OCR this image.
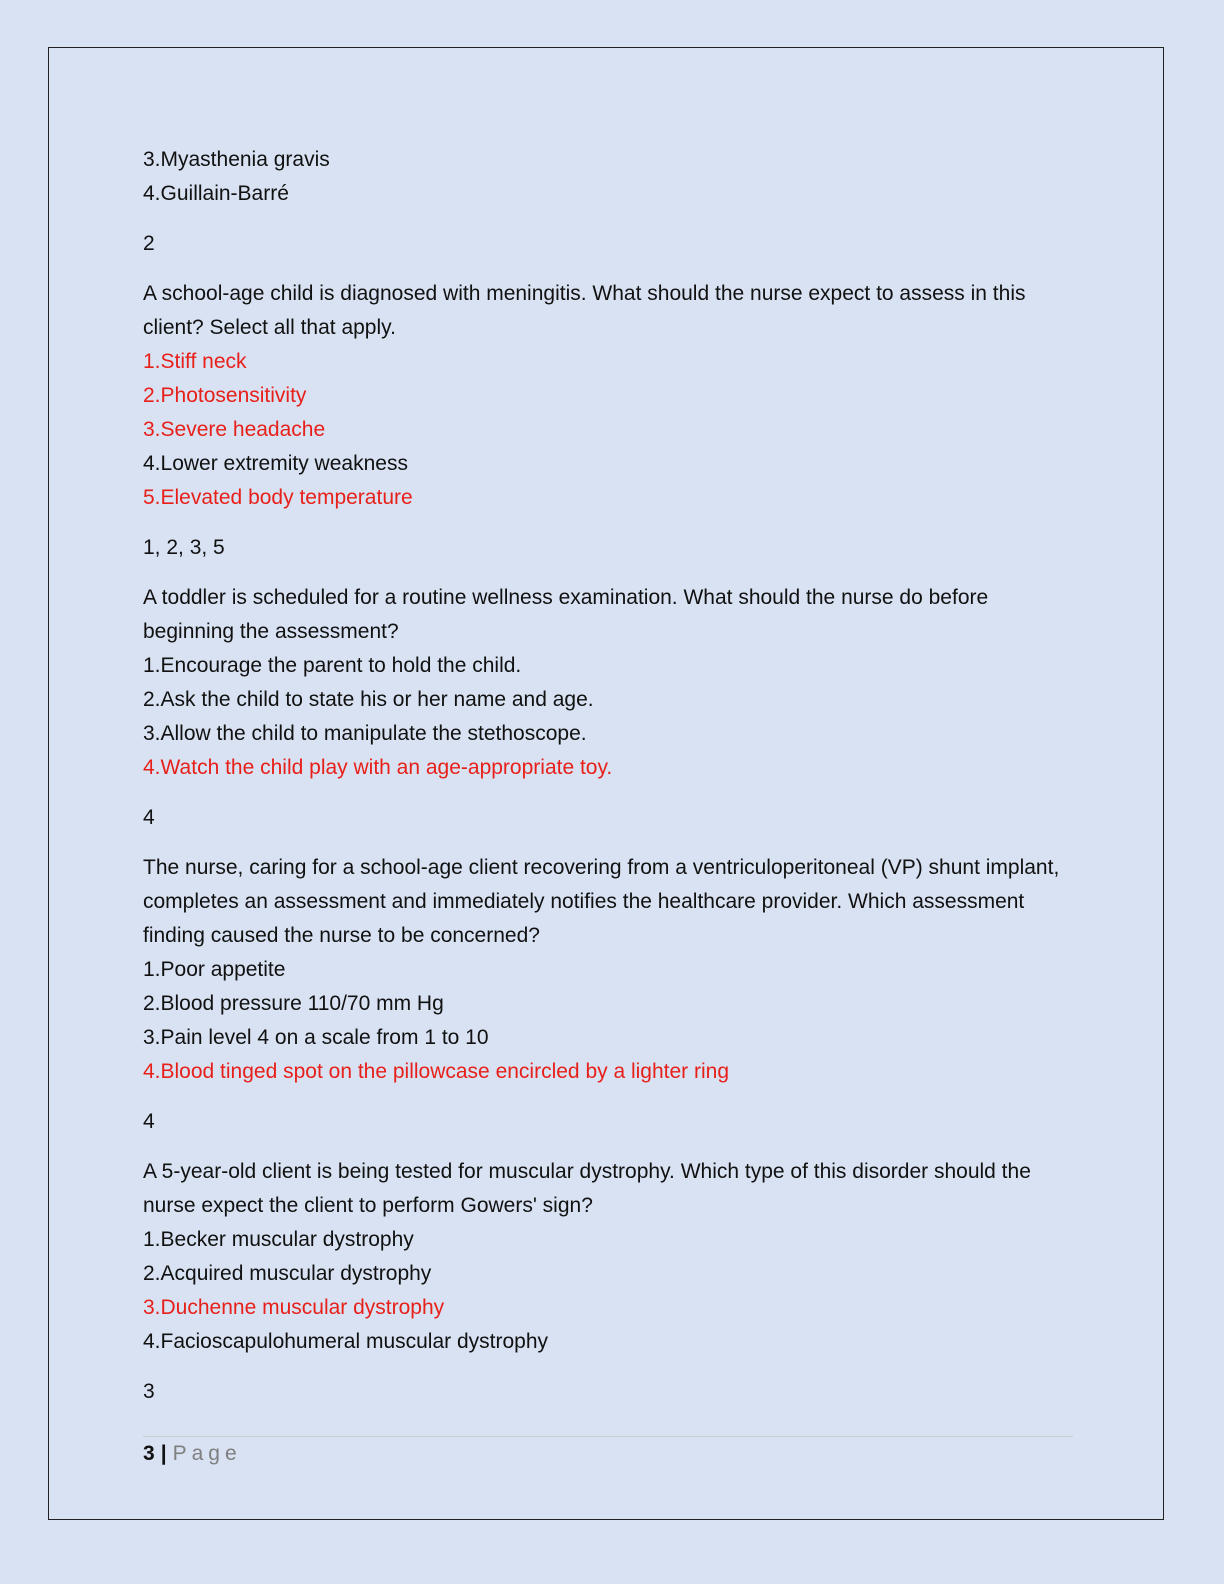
3.Myasthenia gravis
4.Guillain-Barré
2
A school-age child is diagnosed with meningitis. What should the nurse expect to assess in this client? Select all that apply.
1.Stiff neck
2.Photosensitivity
3.Severe headache
4.Lower extremity weakness
5.Elevated body temperature
1, 2, 3, 5
A toddler is scheduled for a routine wellness examination. What should the nurse do before beginning the assessment?
1.Encourage the parent to hold the child.
2.Ask the child to state his or her name and age.
3.Allow the child to manipulate the stethoscope.
4.Watch the child play with an age-appropriate toy.
4
The nurse, caring for a school-age client recovering from a ventriculoperitoneal (VP) shunt implant, completes an assessment and immediately notifies the healthcare provider. Which assessment finding caused the nurse to be concerned?
1.Poor appetite
2.Blood pressure 110/70 mm Hg
3.Pain level 4 on a scale from 1 to 10
4.Blood tinged spot on the pillowcase encircled by a lighter ring
4
A 5-year-old client is being tested for muscular dystrophy. Which type of this disorder should the nurse expect the client to perform Gowers' sign?
1.Becker muscular dystrophy
2.Acquired muscular dystrophy
3.Duchenne muscular dystrophy
4.Facioscapulohumeral muscular dystrophy
3
3 | Page
